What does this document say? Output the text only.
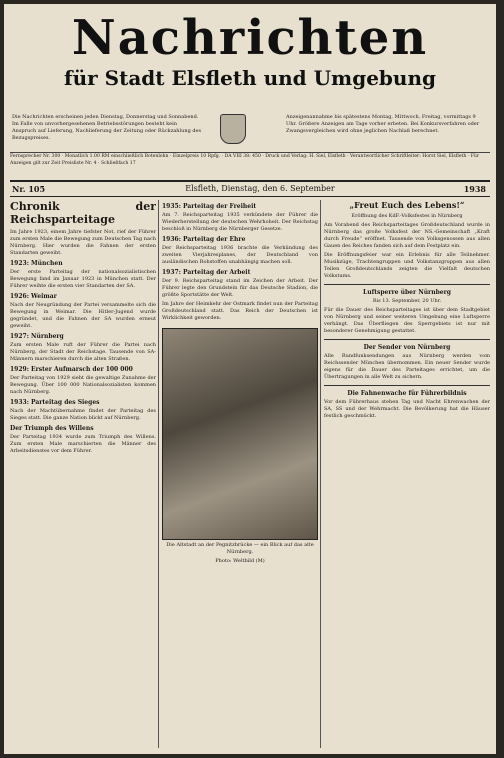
Nachrichten
für Stadt Elsfleth und Umgebung
Die Nachrichten erscheinen jeden Dienstag, Donnerstag und Sonnabend. Im Falle von unvorhergesehenen Betriebsstörungen besteht kein Anspruch auf Lieferung, Nachlieferung der Zeitung oder Rückzahlung des Bezugspreises.
Anzeigenannahme bis spätestens Montag, Mittwoch, Freitag, vormittags 9 Uhr. Größere Anzeigen am Tage vorher erbeten. Bei Konkursverfahren oder Zwangsvergleichen wird ohne jeglichen Nachlaß berechnet.
Fernsprecher Nr. 300 · Monatlich 1.00 RM einschließlich Botenlohn · Einzelpreis 10 Rpfg. · DA VIII 38: 450 · Druck und Verlag: H. Siel, Elsfleth · Verantwortlicher Schriftleiter: Horst Siel, Elsfleth · Für Anzeigen gilt zur Zeit Preisliste Nr. 4 · Schließfach 17
Nr. 105	Elsfleth, Dienstag, den 6. September	1938
Chronik der Reichsparteitage

Im Jahre 1923, einem Jahre tiefster Not, rief der Führer zum ersten Male die Bewegung zum Deutschen Tag nach Nürnberg. Hier wurden die Fahnen der ersten Standarten geweiht.

1923: München

Der erste Parteitag der nationalsozialistischen Bewegung fand im Januar 1923 in München statt. Der Führer weihte die ersten vier Standarten der SA.

1926: Weimar

Nach der Neugründung der Partei versammelte sich die Bewegung in Weimar. Die Hitler-Jugend wurde gegründet, und die Fahnen der SA wurden erneut geweiht.

1927: Nürnberg

Zum ersten Male ruft der Führer die Partei nach Nürnberg, der Stadt der Reichstage. Tausende von SA-Männern marschieren durch die alten Straßen.

1929: Erster Aufmarsch der 100 000

Der Parteitag von 1929 sieht die gewaltige Zunahme der Bewegung. Über 100 000 Nationalsozialisten kommen nach Nürnberg.

1933: Parteitag des Sieges

Nach der Machtübernahme findet der Parteitag des Sieges statt. Die ganze Nation blickt auf Nürnberg.

Der Triumph des Willens

Der Parteitag 1934 wurde zum Triumph des Willens. Zum ersten Male marschierten die Männer des Arbeitsdienstes vor dem Führer.

1935: Parteitag der Freiheit

Am 7. Reichsparteitag 1935 verkündete der Führer die Wiederherstellung der deutschen Wehrhoheit. Der Reichstag beschloß in Nürnberg die Nürnberger Gesetze.

1936: Parteitag der Ehre

Der Reichsparteitag 1936 brachte die Verkündung des zweiten Vierjahresplanes, der Deutschland von ausländischen Rohstoffen unabhängig machen soll.

1937: Parteitag der Arbeit

Der 9. Reichsparteitag stand im Zeichen der Arbeit. Der Führer legte den Grundstein für das Deutsche Stadion, die größte Sportstätte der Welt.

Im Jahre der Heimkehr der Ostmark findet nun der Parteitag Großdeutschland statt. Das Reich der Deutschen ist Wirklichkeit geworden.

Die Altstadt an der Pegnitzbrücke — ein Blick auf das alte Nürnberg.
Photo: Weltbild (M)
„Freut Euch des Lebens!“

Eröffnung des KdF.-Volksfestes in Nürnberg

Am Vorabend des Reichsparteitages Großdeutschland wurde in Nürnberg das große Volksfest der NS.-Gemeinschaft „Kraft durch Freude“ eröffnet. Tausende von Volksgenossen aus allen Gauen des Reiches fanden sich auf dem Festplatz ein.

Die Eröffnungsfeier war ein Erlebnis für alle Teilnehmer. Musikzüge, Trachtengruppen und Volkstanzgruppen aus allen Teilen Großdeutschlands zeigten die Vielfalt deutschen Volkstums.

Luftsperre über Nürnberg

Bis 13. September, 20 Uhr.

Für die Dauer des Reichsparteitages ist über dem Stadtgebiet von Nürnberg und seiner weiteren Umgebung eine Luftsperre verhängt. Das Überfliegen des Sperrgebiets ist nur mit besonderer Genehmigung gestattet.

Der Sender von Nürnberg

Alle Rundfunksendungen aus Nürnberg werden vom Reichssender München übernommen. Ein neuer Sender wurde eigens für die Dauer des Parteitages errichtet, um die Übertragungen in alle Welt zu sichern.

Die Fahnenwache für Führerbildnis

Vor dem Führerhaus stehen Tag und Nacht Ehrenwachen der SA, SS und der Wehrmacht. Die Bevölkerung hat die Häuser festlich geschmückt.
